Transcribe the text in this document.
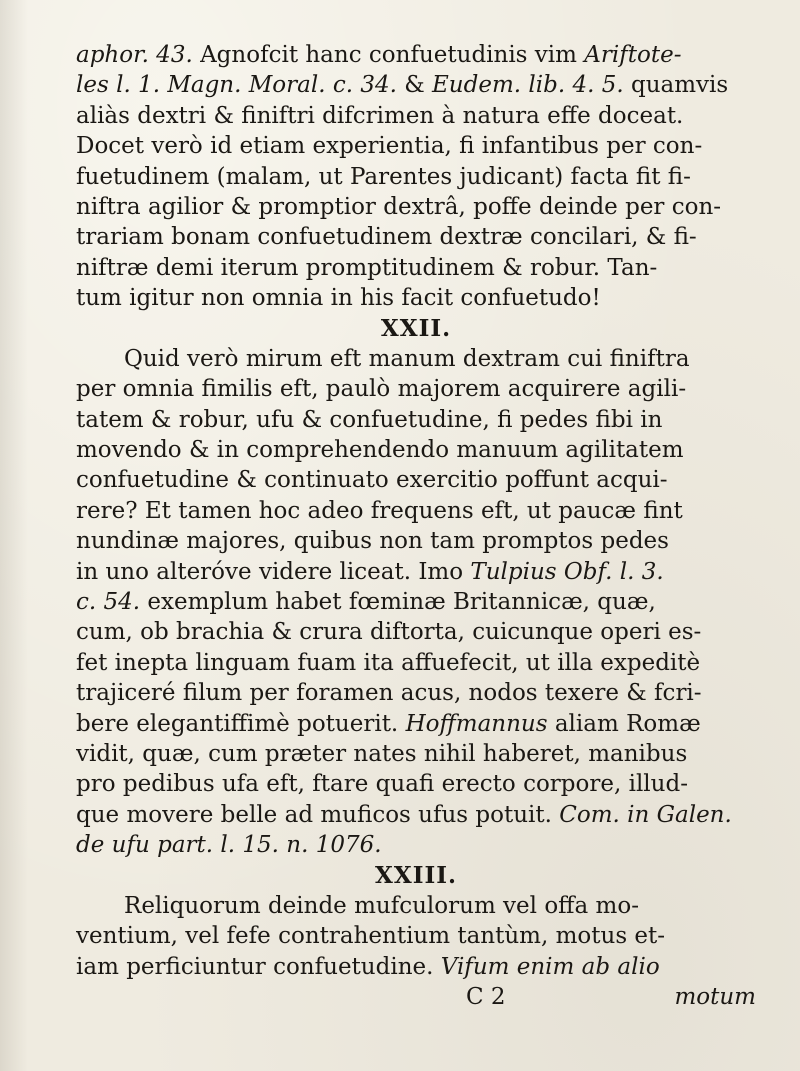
aphor. 43. Agnofcit hanc confuetudinis vim Ariftote-
les l. 1. Magn. Moral. c. 34. & Eudem. lib. 4. 5. quamvis
aliàs dextri & finiftri difcrimen à natura effe doceat.
Docet verò id etiam experientia, fi infantibus per con-
fuetudinem (malam, ut Parentes judicant) facta fit fi-
niftra agilior & promptior dextrâ, poffe deinde per con-
trariam bonam confuetudinem dextræ concilari, & fi-
niftræ demi iterum promptitudinem & robur. Tan-
tum igitur non omnia in his facit confuetudo!
XXII.
Quid verò mirum eft manum dextram cui finiftra
per omnia fimilis eft, paulò majorem acquirere agili-
tatem & robur, ufu & confuetudine, fi pedes fibi in
movendo & in comprehendendo manuum agilitatem
confuetudine & continuato exercitio poffunt acqui-
rere? Et tamen hoc adeo frequens eft, ut paucæ fint
nundinæ majores, quibus non tam promptos pedes
in uno alteróve videre liceat. Imo Tulpius Obf. l. 3.
c. 54. exemplum habet fœminæ Britannicæ, quæ,
cum, ob brachia & crura diftorta, cuicunque operi es-
fet inepta linguam fuam ita affuefecit, ut illa expeditè
trajiceré filum per foramen acus, nodos texere & fcri-
bere elegantiffimè potuerit. Hoffmannus aliam Romæ
vidit, quæ, cum præter nates nihil haberet, manibus
pro pedibus ufa eft, ftare quafi erecto corpore, illud-
que movere belle ad muficos ufus potuit. Com. in Galen.
de ufu part. l. 15. n. 1076.
XXIII.
Reliquorum deinde mufculorum vel offa mo-
ventium, vel fefe contrahentium tantùm, motus et-
iam perficiuntur confuetudine. Vifum enim ab alio
C 2	motum
